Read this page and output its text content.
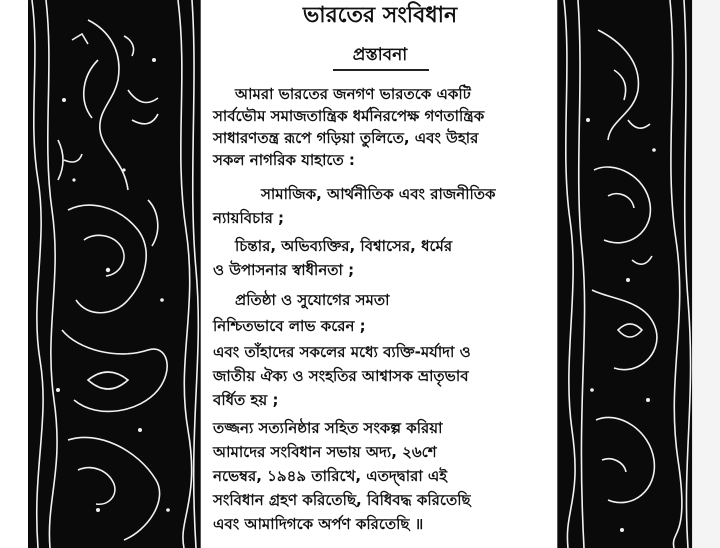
ভারতের সংবিধান
প্রস্তাবনা
আমরা ভারতের জনগণ ভারতকে একটি
সার্বভৌম সমাজতান্ত্রিক ধর্মনিরপেক্ষ গণতান্ত্রিক
সাধারণতন্ত্র রূপে গড়িয়া তুলিতে, এবং উহার
সকল নাগরিক যাহাতে :
সামাজিক, আর্থনীতিক এবং রাজনীতিক
ন্যায়বিচার ;
চিন্তার, অভিব্যক্তির, বিশ্বাসের, ধর্মের
ও উপাসনার স্বাধীনতা ;
প্রতিষ্ঠা ও সুযোগের সমতা
নিশ্চিতভাবে লাভ করেন ;
এবং তাঁহাদের সকলের মধ্যে ব্যক্তি-মর্যাদা ও
জাতীয় ঐক্য ও সংহতির আশ্বাসক ভ্রাতৃভাব
বর্ধিত হয় ;
তজ্জন্য সত্যনিষ্ঠার সহিত সংকল্প করিয়া
আমাদের সংবিধান সভায় অদ্য, ২৬শে
নভেম্বর, ১৯৪৯ তারিখে, এতদ্দ্বারা এই
সংবিধান গ্রহণ করিতেছি, বিধিবদ্ধ করিতেছি
এবং আমাদিগকে অর্পণ করিতেছি ॥
